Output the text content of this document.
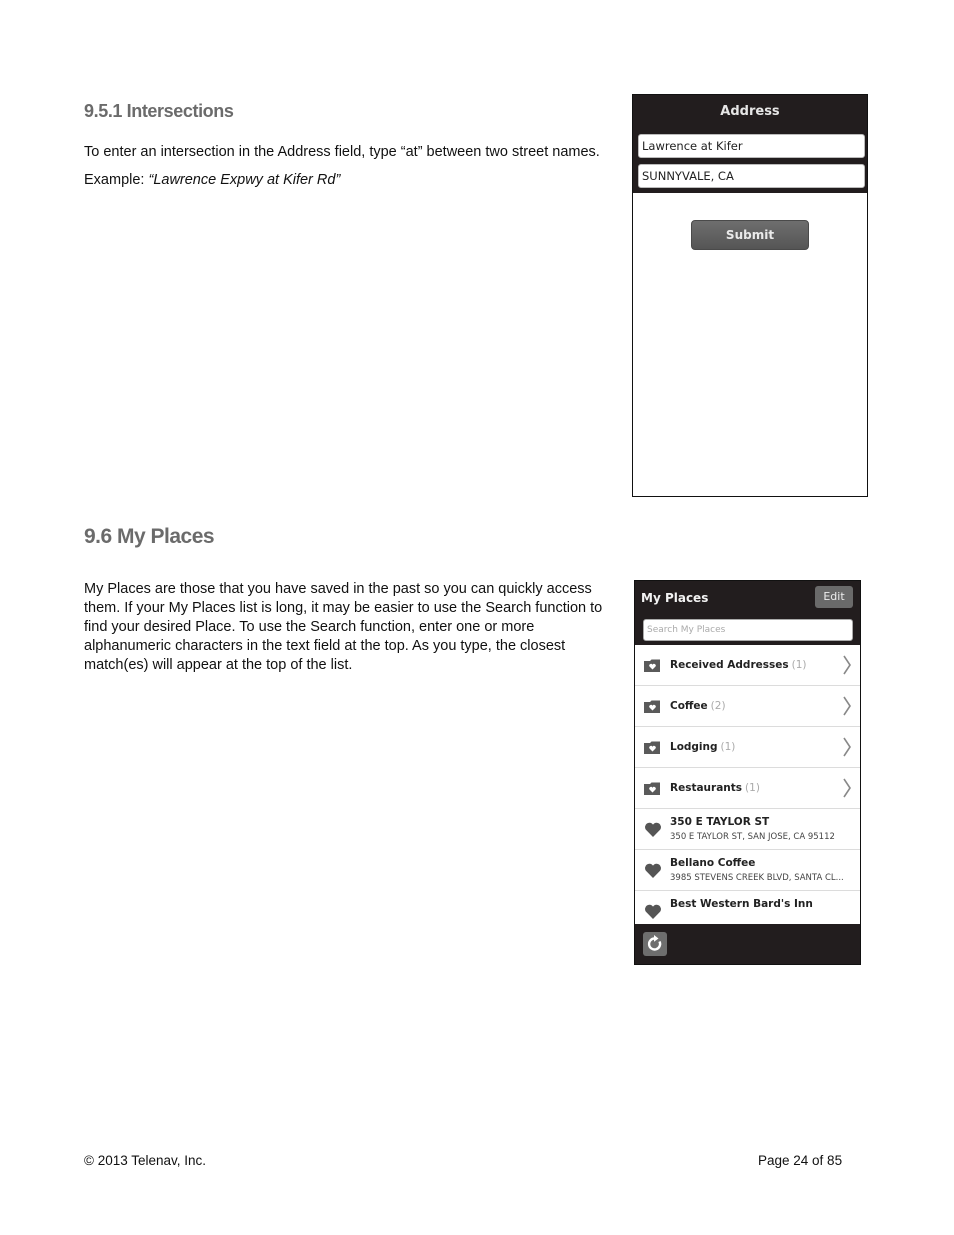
9.5.1 Intersections
To enter an intersection in the Address field, type “at” between two street names.
Example: “Lawrence Expwy at Kifer Rd”
Address
Lawrence at Kifer
SUNNYVALE, CA
Submit
9.6 My Places
My Places are those that you have saved in the past so you can quickly access them. If your My Places list is long, it may be easier to use the Search function to find your desired Place. To use the Search function, enter one or more alphanumeric characters in the text field at the top. As you type, the closest match(es) will appear at the top of the list.
My Places	Edit
Search My Places
Received Addresses (1)
Coffee (2)
Lodging (1)
Restaurants (1)
350 E TAYLOR ST
350 E TAYLOR ST, SAN JOSE, CA 95112
Bellano Coffee
3985 STEVENS CREEK BLVD, SANTA CL...
Best Western Bard's Inn
© 2013 Telenav, Inc.	Page 24 of 85
